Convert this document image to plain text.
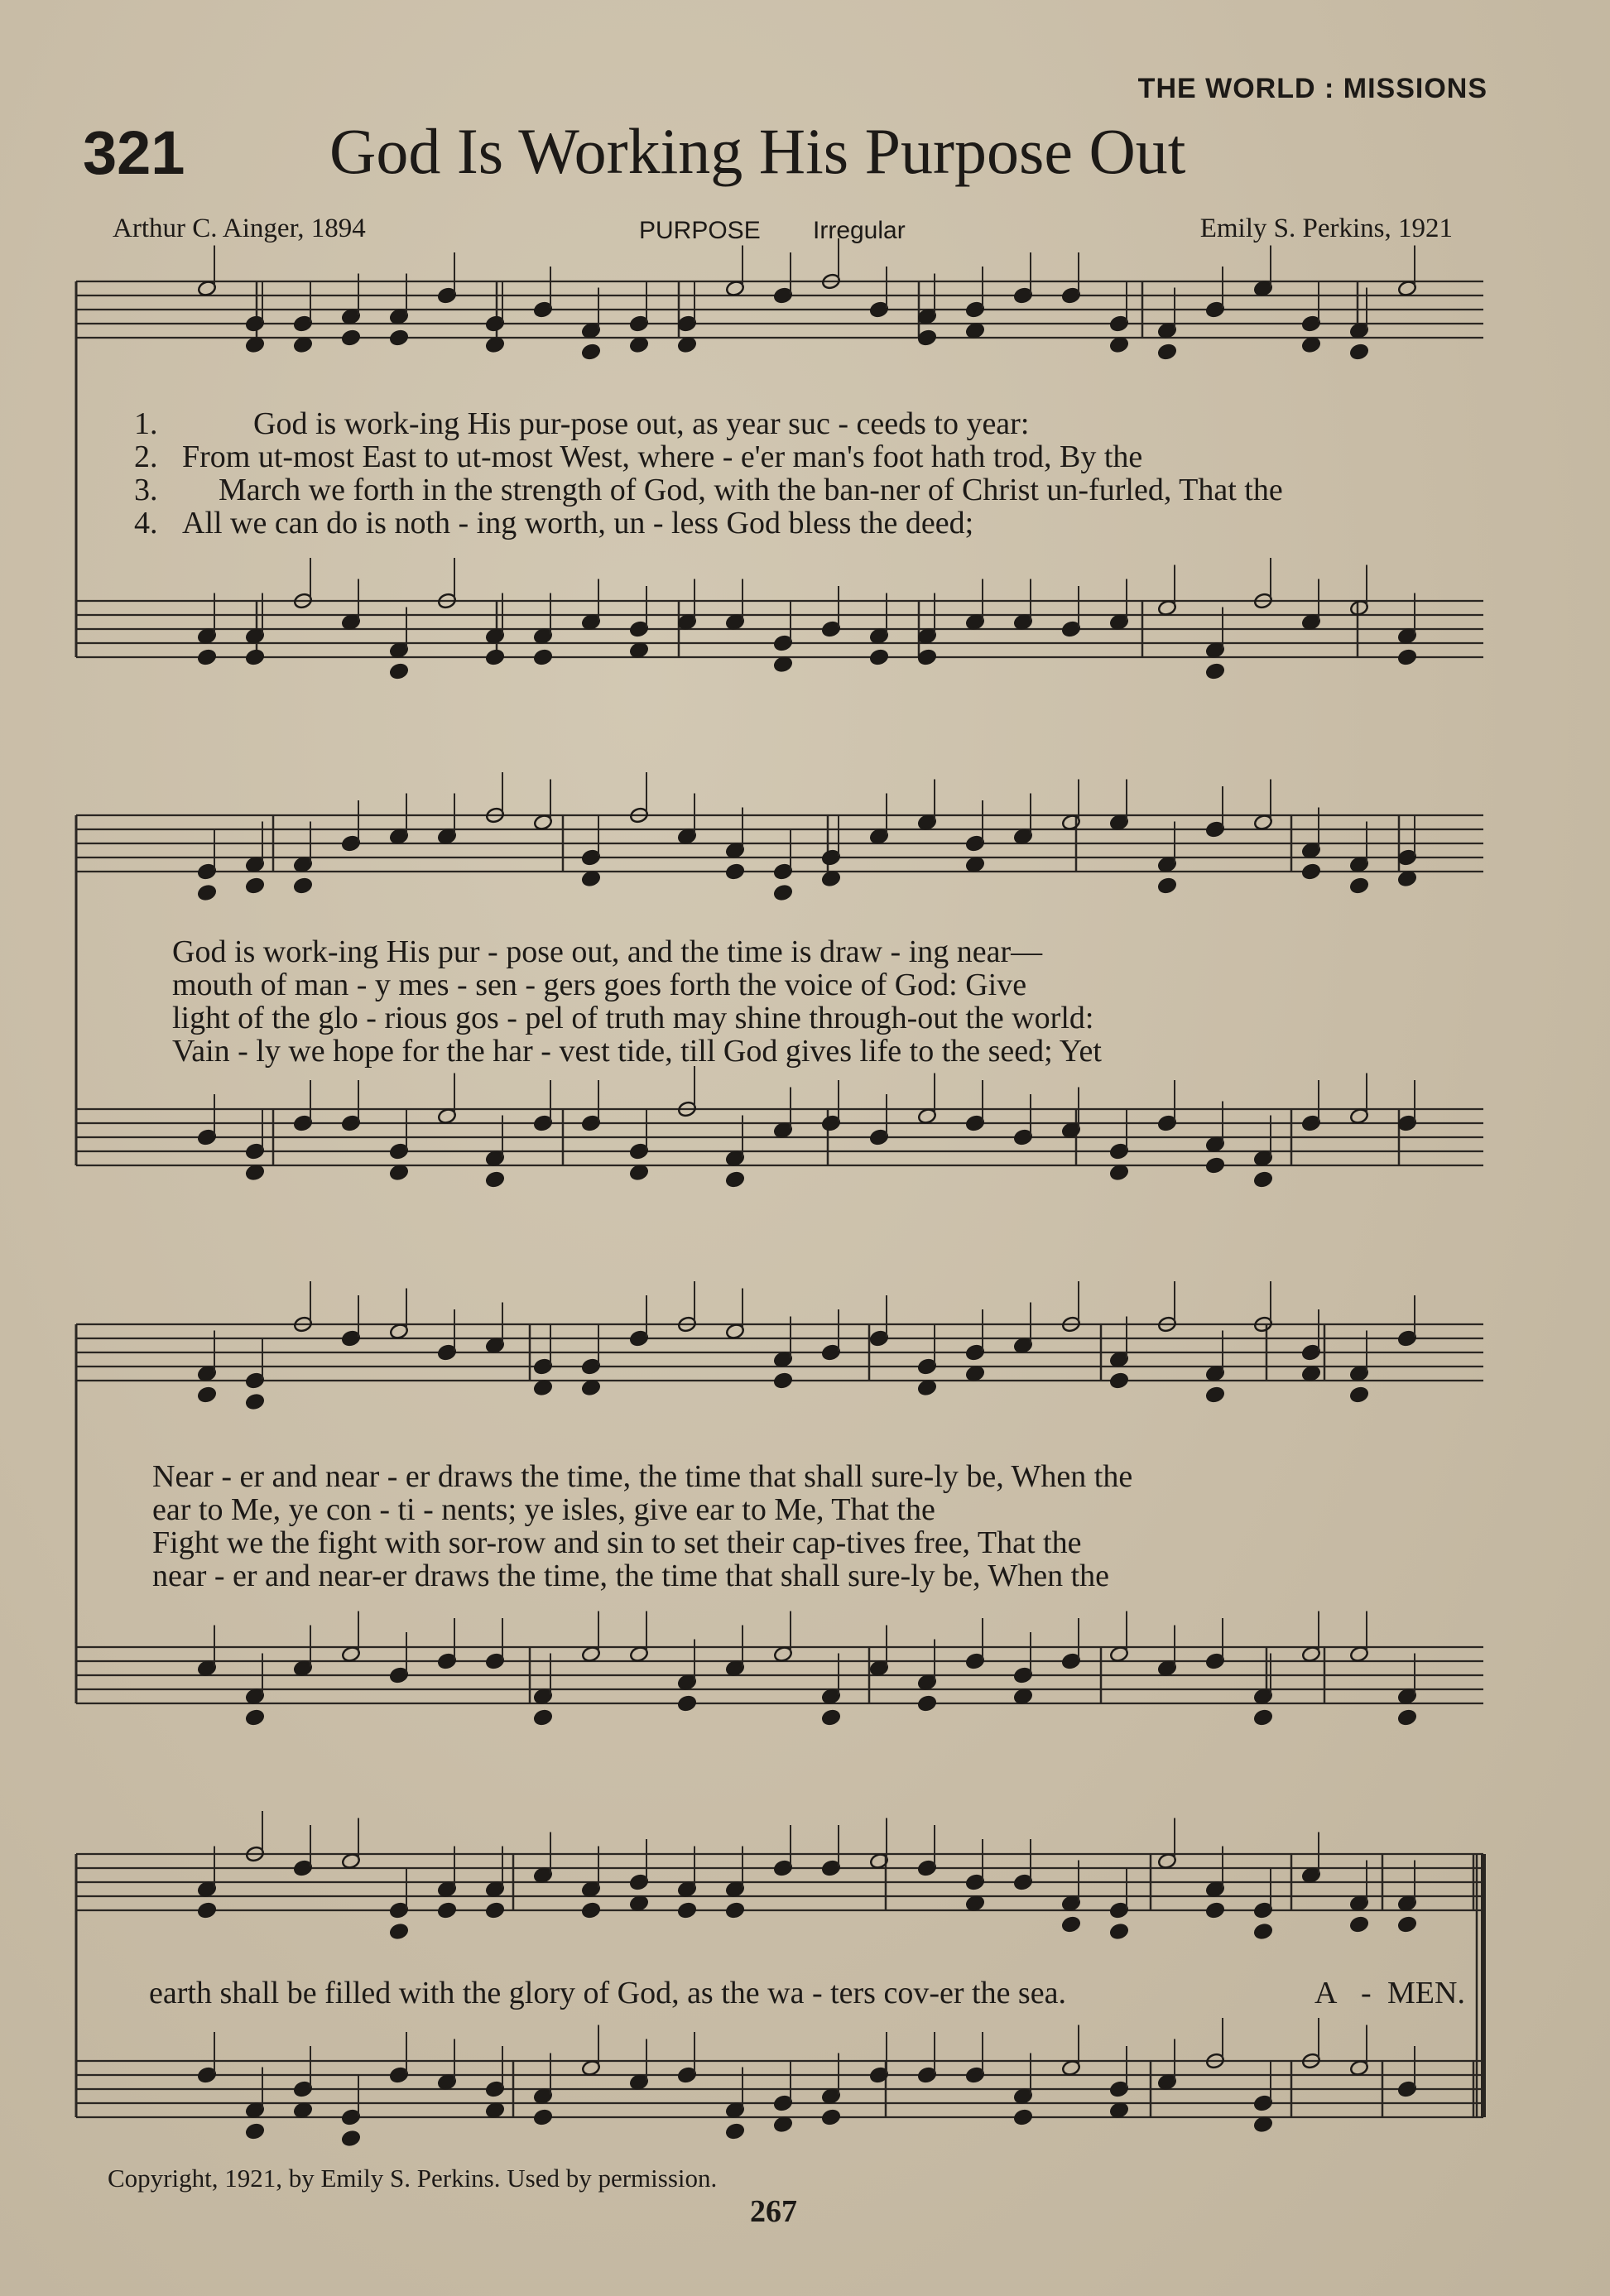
THE WORLD : MISSIONS
321 God Is Working His Purpose Out
Arthur C. Ainger, 1894	PURPOSE Irregular	Emily S. Perkins, 1921

1.

	God is work-ing His pur-pose out, as year suc - ceeds to year:

2.

From ut-most East to ut-most West, where - e'er man's foot hath trod, By the

3.

March we forth in the strength of God, with the ban-ner of Christ un-furled, That the

4.

All we can do is noth - ing worth, un - less God bless the deed;

God is work-ing His pur - pose out, and the time is draw - ing near—

mouth of man - y mes - sen - gers goes forth the voice of God: Give

light of the glo - rious gos - pel of truth may shine through-out the world:

Vain - ly we hope for the har - vest tide, till God gives life to the seed; Yet

Near - er and near - er draws the time, the time that shall sure-ly be, When the

ear to Me, ye con - ti - nents; ye isles, give ear to Me, That the

Fight we the fight with sor-row and sin to set their cap-tives free, That the

near - er and near-er draws the time, the time that shall sure-ly be, When the

earth shall be filled with the glory of God, as the wa - ters cov-er the sea.

	A

-

MEN.

Copyright, 1921, by Emily S. Perkins. Used by permission.
267
